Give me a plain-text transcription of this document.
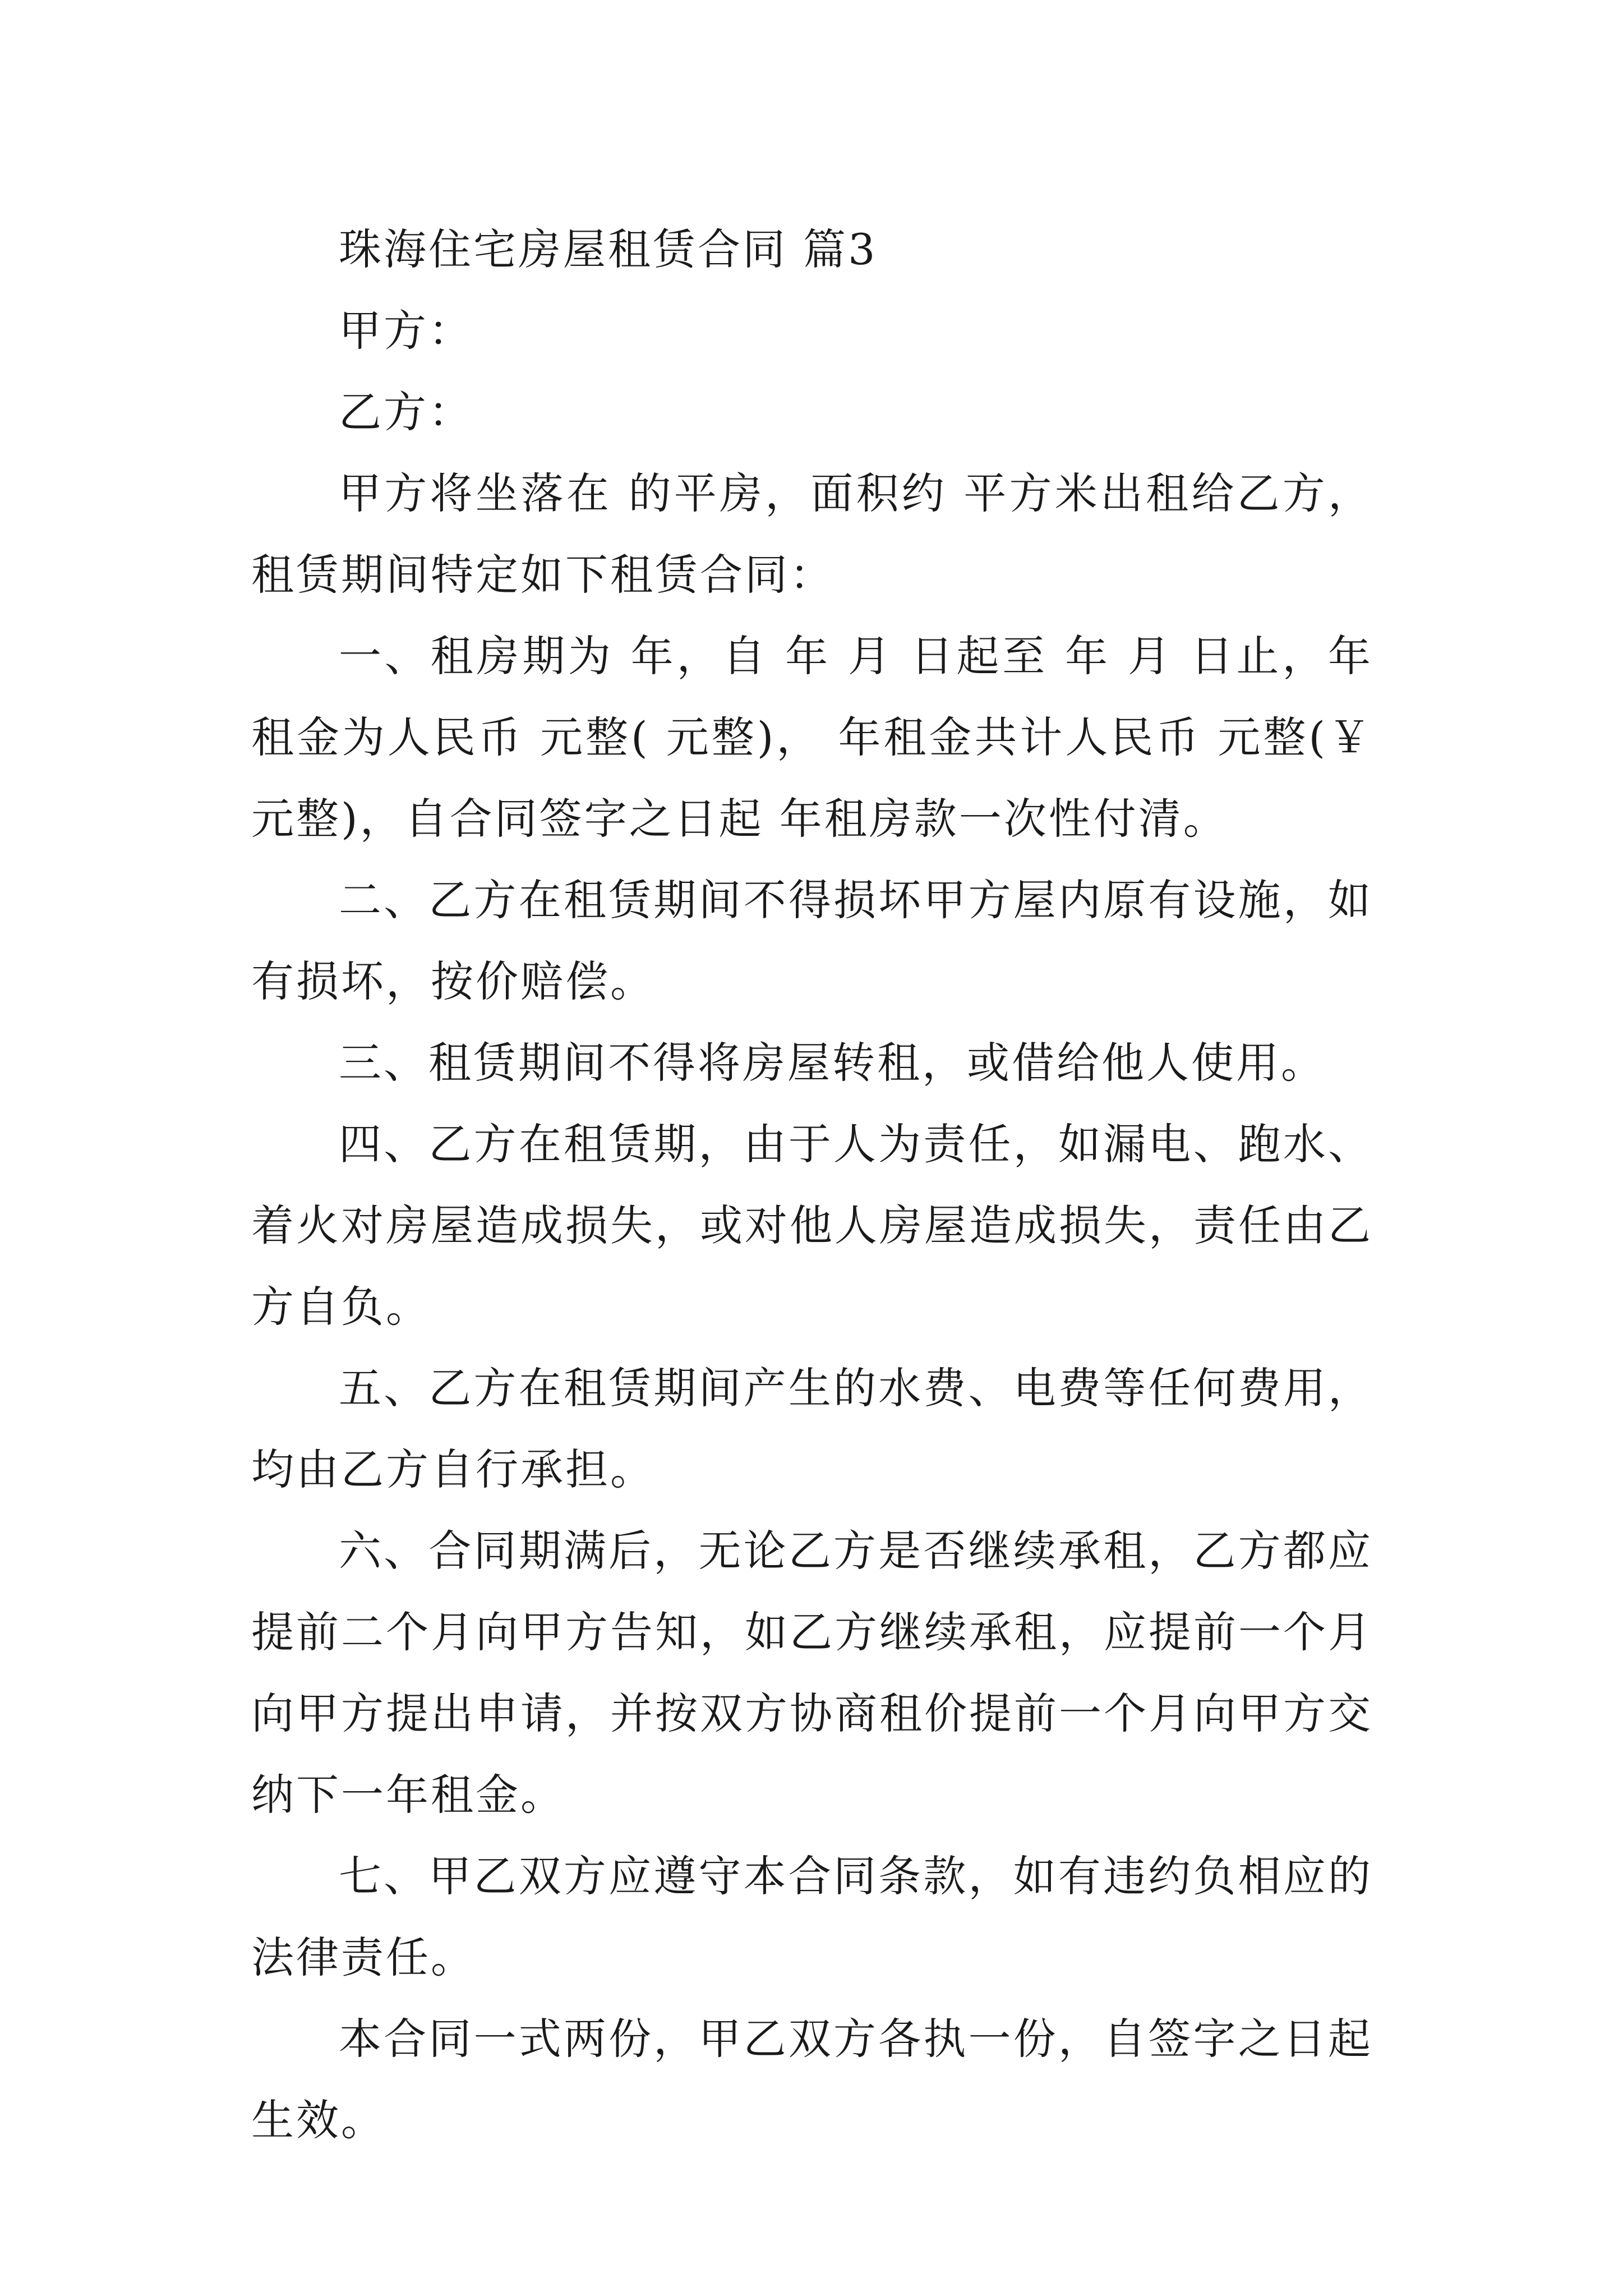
珠海住宅房屋租赁合同 篇3

甲方：

乙方：

甲方将坐落在 的平房，面积约 平方米出租给乙方，租赁期间特定如下租赁合同：

一、租房期为 年，自 年 月 日起至 年 月 日止，年租金为人民币 元整( 元整)， 年租金共计人民币 元整(￥ 元整)，自合同签字之日起 年租房款一次性付清。

二、乙方在租赁期间不得损坏甲方屋内原有设施，如有损坏，按价赔偿。

三、租赁期间不得将房屋转租，或借给他人使用。

四、乙方在租赁期，由于人为责任，如漏电、跑水、着火对房屋造成损失，或对他人房屋造成损失，责任由乙方自负。

五、乙方在租赁期间产生的水费、电费等任何费用，均由乙方自行承担。

六、合同期满后，无论乙方是否继续承租，乙方都应提前二个月向甲方告知，如乙方继续承租，应提前一个月向甲方提出申请，并按双方协商租价提前一个月向甲方交纳下一年租金。

七、甲乙双方应遵守本合同条款，如有违约负相应的法律责任。

本合同一式两份，甲乙双方各执一份，自签字之日起生效。
